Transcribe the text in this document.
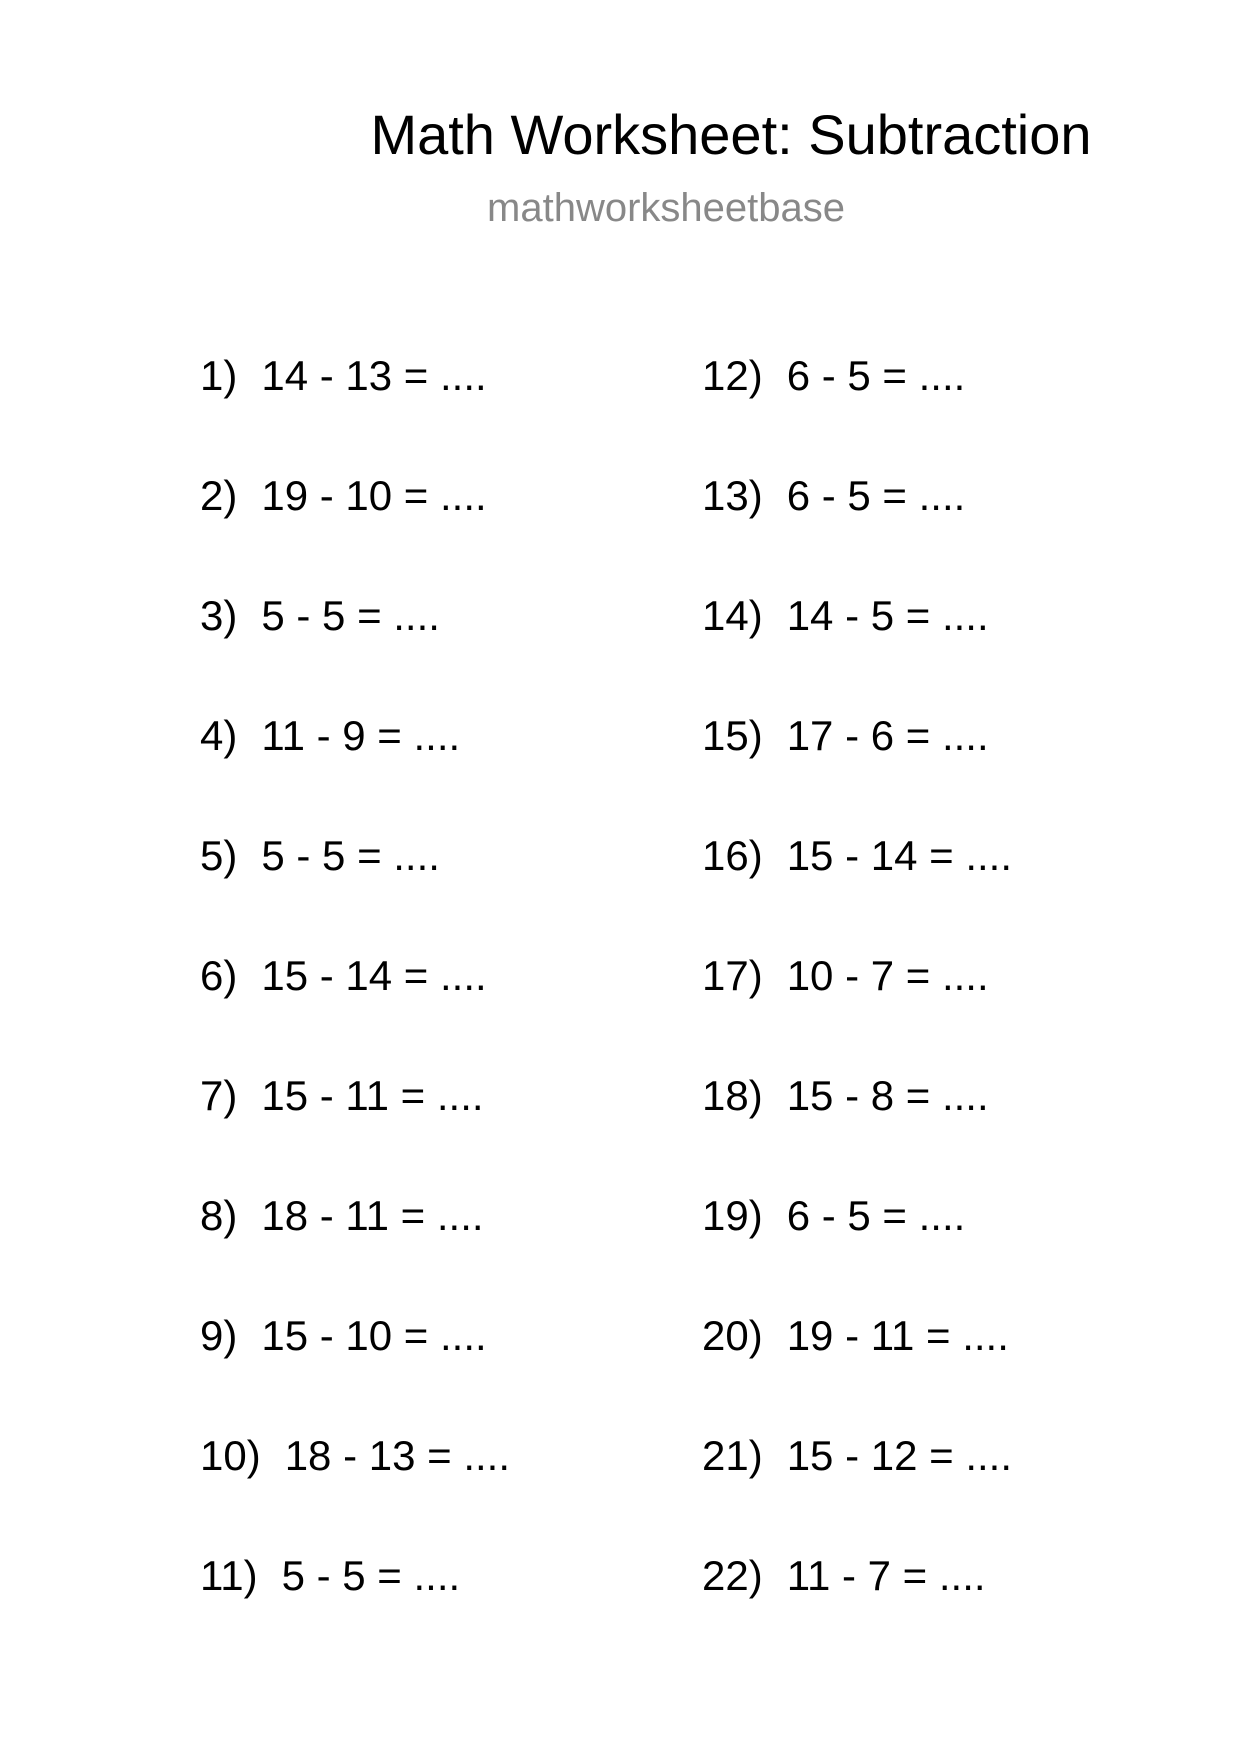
Math Worksheet: Subtraction
mathworksheetbase
1) 14 - 13 = ....
2) 19 - 10 = ....
3) 5 - 5 = ....
4) 11 - 9 = ....
5) 5 - 5 = ....
6) 15 - 14 = ....
7) 15 - 11 = ....
8) 18 - 11 = ....
9) 15 - 10 = ....
10) 18 - 13 = ....
11) 5 - 5 = ....
12) 6 - 5 = ....
13) 6 - 5 = ....
14) 14 - 5 = ....
15) 17 - 6 = ....
16) 15 - 14 = ....
17) 10 - 7 = ....
18) 15 - 8 = ....
19) 6 - 5 = ....
20) 19 - 11 = ....
21) 15 - 12 = ....
22) 11 - 7 = ....
